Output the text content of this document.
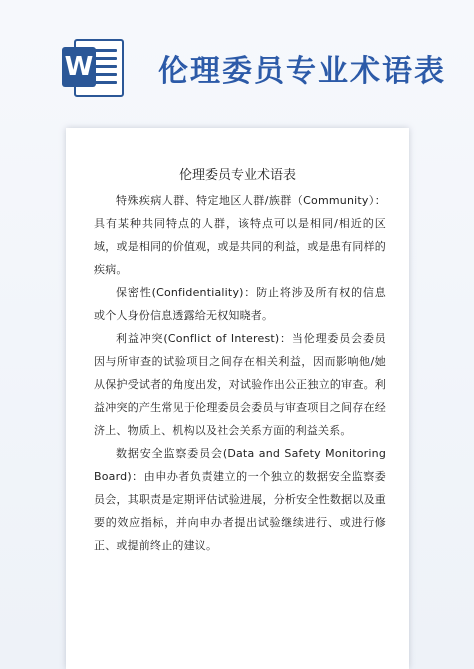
W 伦理委员专业术语表
伦理委员专业术语表

特殊疾病人群、特定地区人群/族群（Community）：具有某种共同特点的人群，该特点可以是相同/相近的区域，或是相同的价值观，或是共同的利益，或是患有同样的疾病。

保密性(Confidentiality)：防止将涉及所有权的信息或个人身份信息透露给无权知晓者。

利益冲突(Conflict of Interest)：当伦理委员会委员因与所审查的试验项目之间存在相关利益，因而影响他/她从保护受试者的角度出发，对试验作出公正独立的审查。利益冲突的产生常见于伦理委员会委员与审查项目之间存在经济上、物质上、机构以及社会关系方面的利益关系。

数据安全监察委员会(Data and Safety Monitoring Board)：由申办者负责建立的一个独立的数据安全监察委员会，其职责是定期评估试验进展，分析安全性数据以及重要的效应指标，并向申办者提出试验继续进行、或进行修正、或提前终止的建议。
